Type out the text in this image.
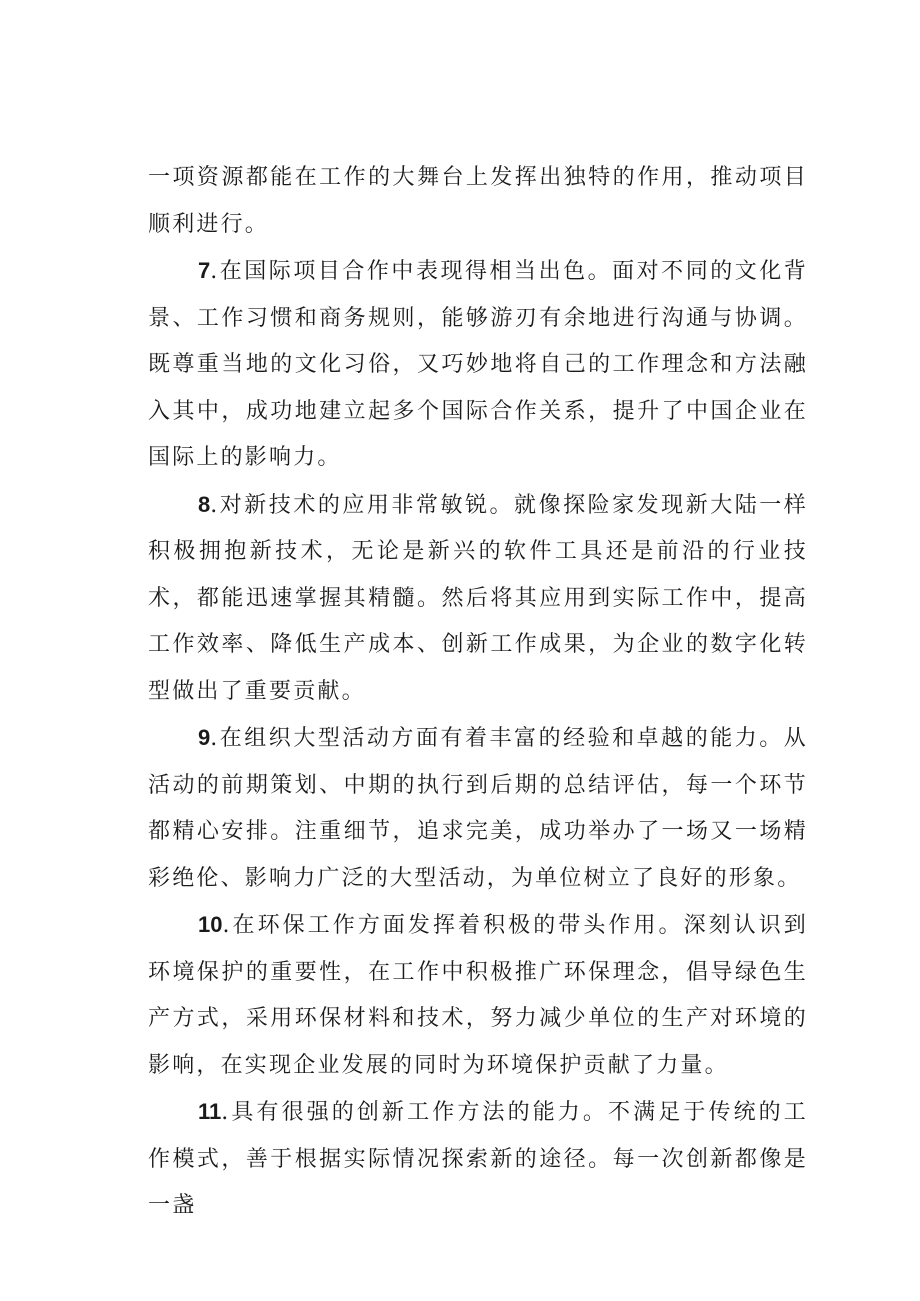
一项资源都能在工作的大舞台上发挥出独特的作用，推动项目顺利进行。

7.在国际项目合作中表现得相当出色。面对不同的文化背景、工作习惯和商务规则，能够游刃有余地进行沟通与协调。既尊重当地的文化习俗，又巧妙地将自己的工作理念和方法融入其中，成功地建立起多个国际合作关系，提升了中国企业在国际上的影响力。

8.对新技术的应用非常敏锐。就像探险家发现新大陆一样积极拥抱新技术，无论是新兴的软件工具还是前沿的行业技术，都能迅速掌握其精髓。然后将其应用到实际工作中，提高工作效率、降低生产成本、创新工作成果，为企业的数字化转型做出了重要贡献。

9.在组织大型活动方面有着丰富的经验和卓越的能力。从活动的前期策划、中期的执行到后期的总结评估，每一个环节都精心安排。注重细节，追求完美，成功举办了一场又一场精彩绝伦、影响力广泛的大型活动，为单位树立了良好的形象。

10.在环保工作方面发挥着积极的带头作用。深刻认识到环境保护的重要性，在工作中积极推广环保理念，倡导绿色生产方式，采用环保材料和技术，努力减少单位的生产对环境的影响，在实现企业发展的同时为环境保护贡献了力量。

11.具有很强的创新工作方法的能力。不满足于传统的工作模式，善于根据实际情况探索新的途径。每一次创新都像是一盏
